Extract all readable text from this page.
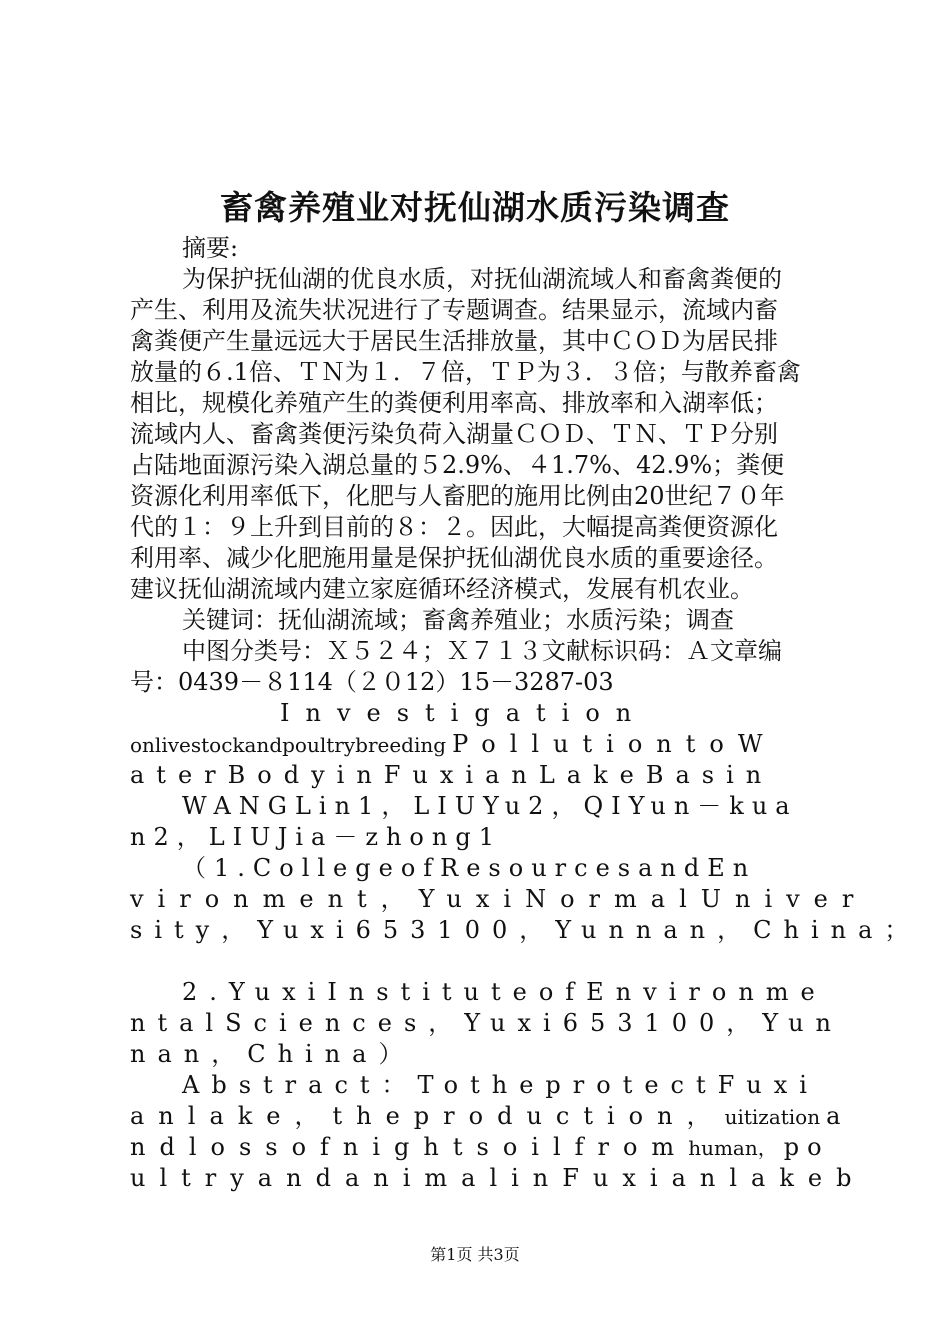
畜禽养殖业对抚仙湖水质污染调查
摘要:
为保护抚仙湖的优良水质，对抚仙湖流域人和畜禽粪便的
产生、利用及流失状况进行了专题调查。结果显示，流域内畜
禽粪便产生量远远大于居民生活排放量，其中ＣＯＤ为居民排
放量的６.1倍、ＴＮ为１．７倍，ＴＰ为３．３倍；与散养畜禽
相比，规模化养殖产生的粪便利用率高、排放率和入湖率低；
流域内人、畜禽粪便污染负荷入湖量ＣＯＤ、ＴＮ、ＴＰ分别
占陆地面源污染入湖总量的５2.9%、４1.7%、42.9%；粪便
资源化利用率低下，化肥与人畜肥的施用比例由20世纪７０年
代的１：９上升到目前的８：２。因此，大幅提高粪便资源化
利用率、减少化肥施用量是保护抚仙湖优良水质的重要途径。
建议抚仙湖流域内建立家庭循环经济模式，发展有机农业。
关键词：抚仙湖流域；畜禽养殖业；水质污染；调查
中图分类号：Ｘ５２４；Ｘ７１３文献标识码：Ａ文章编
号：0439－８114（２０12）15－3287-03
Investigation
onlivestockandpoultrybreeding PollutiontoW
aterBodyinFuxianLakeBasin
WANGLin1，LIUYu2，QIYun－kua
n2，LIUJia－zhong1
（1.CollegeofResourcesandEn
vironment，YuxiNormalUniver
sity，Yuxi653100，Yunnan，China；
2.YuxiInstituteofEnvironme
ntalSciences，Yuxi653100，Yun
nan，China）
Abstract：TotheprotectFuxi
anlake，theproduction，uitization a
ndlossofnightsoilfromhuman， po
ultryandanimalinFuxianlakeb
第1页 共3页
